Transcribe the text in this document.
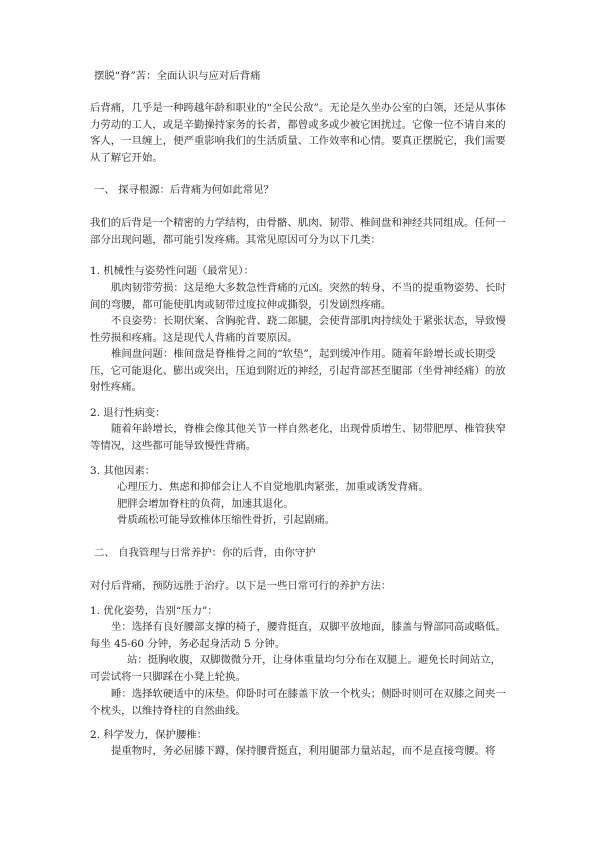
摆脱“脊”苦：全面认识与应对后背痛

后背痛，几乎是一种跨越年龄和职业的“全民公敌”。无论是久坐办公室的白领，还是从事体力劳动的工人，或是辛勤操持家务的长者，都曾或多或少被它困扰过。它像一位不请自来的客人，一旦缠上，便严重影响我们的生活质量、工作效率和心情。要真正摆脱它，我们需要从了解它开始。

一、 探寻根源：后背痛为何如此常见？

我们的后背是一个精密的力学结构，由骨骼、肌肉、韧带、椎间盘和神经共同组成。任何一部分出现问题，都可能引发疼痛。其常见原因可分为以下几类：

1. 机械性与姿势性问题（最常见）：

肌肉韧带劳损：这是绝大多数急性背痛的元凶。突然的转身、不当的提重物姿势、长时间的弯腰，都可能使肌肉或韧带过度拉伸或撕裂，引发剧烈疼痛。

不良姿势：长期伏案、含胸驼背、跷二郎腿，会使背部肌肉持续处于紧张状态，导致慢性劳损和疼痛。这是现代人背痛的首要原因。

椎间盘问题：椎间盘是脊椎骨之间的“软垫”，起到缓冲作用。随着年龄增长或长期受压，它可能退化、膨出或突出，压迫到附近的神经，引起背部甚至腿部（坐骨神经痛）的放射性疼痛。

2. 退行性病变：

随着年龄增长，脊椎会像其他关节一样自然老化，出现骨质增生、韧带肥厚、椎管狭窄等情况，这些都可能导致慢性背痛。

3. 其他因素：

心理压力、焦虑和抑郁会让人不自觉地肌肉紧张，加重或诱发背痛。

肥胖会增加脊柱的负荷，加速其退化。

骨质疏松可能导致椎体压缩性骨折，引起剧痛。

二、 自我管理与日常养护：你的后背，由你守护

对付后背痛，预防远胜于治疗。以下是一些日常可行的养护方法：

1. 优化姿势，告别“压力”：

坐：选择有良好腰部支撑的椅子，腰背挺直，双脚平放地面，膝盖与臀部同高或略低。每坐 45-60 分钟，务必起身活动 5 分钟。

站：挺胸收腹，双脚微微分开，让身体重量均匀分布在双腿上。避免长时间站立，可尝试将一只脚踩在小凳上轮换。

睡：选择软硬适中的床垫。仰卧时可在膝盖下放一个枕头；侧卧时则可在双膝之间夹一个枕头，以维持脊柱的自然曲线。

2. 科学发力，保护腰椎：

提重物时，务必屈膝下蹲，保持腰背挺直，利用腿部力量站起，而不是直接弯腰。将
